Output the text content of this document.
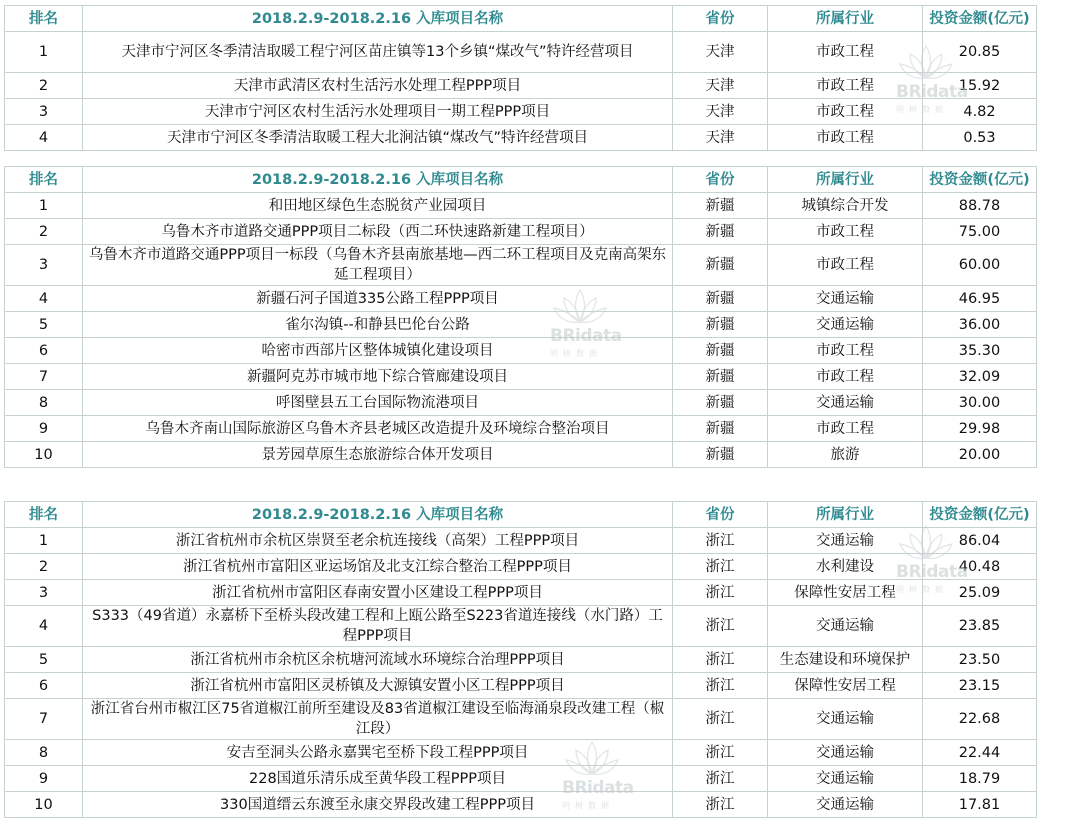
排名	2018.2.9-2018.2.16 入库项目名称	省份	所属行业	投资金额(亿元)
1	天津市宁河区冬季清洁取暖工程宁河区苗庄镇等13个乡镇“煤改气”特许经营项目	天津	市政工程	20.85
2	天津市武清区农村生活污水处理工程PPP项目	天津	市政工程	15.92
3	天津市宁河区农村生活污水处理项目一期工程PPP项目	天津	市政工程	4.82
4	天津市宁河区冬季清洁取暖工程大北涧沽镇“煤改气”特许经营项目	天津	市政工程	0.53
排名	2018.2.9-2018.2.16 入库项目名称	省份	所属行业	投资金额(亿元)
1	和田地区绿色生态脱贫产业园项目	新疆	城镇综合开发	88.78
2	乌鲁木齐市道路交通PPP项目二标段（西二环快速路新建工程项目）	新疆	市政工程	75.00
3	乌鲁木齐市道路交通PPP项目一标段（乌鲁木齐县南旅基地—西二环工程项目及克南高架东延工程项目）	新疆	市政工程	60.00
4	新疆石河子国道335公路工程PPP项目	新疆	交通运输	46.95
5	雀尔沟镇--和静县巴伦台公路	新疆	交通运输	36.00
6	哈密市西部片区整体城镇化建设项目	新疆	市政工程	35.30
7	新疆阿克苏市城市地下综合管廊建设项目	新疆	市政工程	32.09
8	呼图壁县五工台国际物流港项目	新疆	交通运输	30.00
9	乌鲁木齐南山国际旅游区乌鲁木齐县老城区改造提升及环境综合整治项目	新疆	市政工程	29.98
10	景芳园草原生态旅游综合体开发项目	新疆	旅游	20.00
排名	2018.2.9-2018.2.16 入库项目名称	省份	所属行业	投资金额(亿元)
1	浙江省杭州市余杭区崇贤至老余杭连接线（高架）工程PPP项目	浙江	交通运输	86.04
2	浙江省杭州市富阳区亚运场馆及北支江综合整治工程PPP项目	浙江	水利建设	40.48
3	浙江省杭州市富阳区春南安置小区建设工程PPP项目	浙江	保障性安居工程	25.09
4	S333（49省道）永嘉桥下至桥头段改建工程和上瓯公路至S223省道连接线（水门路）工程PPP项目	浙江	交通运输	23.85
5	浙江省杭州市余杭区余杭塘河流域水环境综合治理PPP项目	浙江	生态建设和环境保护	23.50
6	浙江省杭州市富阳区灵桥镇及大源镇安置小区工程PPP项目	浙江	保障性安居工程	23.15
7	浙江省台州市椒江区75省道椒江前所至建设及83省道椒江建设至临海涌泉段改建工程（椒江段）	浙江	交通运输	22.68
8	安吉至洞头公路永嘉巽宅至桥下段工程PPP项目	浙江	交通运输	22.44
9	228国道乐清乐成至黄华段工程PPP项目	浙江	交通运输	18.79
10	330国道缙云东渡至永康交界段改建工程PPP项目	浙江	交通运输	17.81
BRidata
明树数据
BRidata
明树数据
BRidata
明树数据
BRidata
明树数据
